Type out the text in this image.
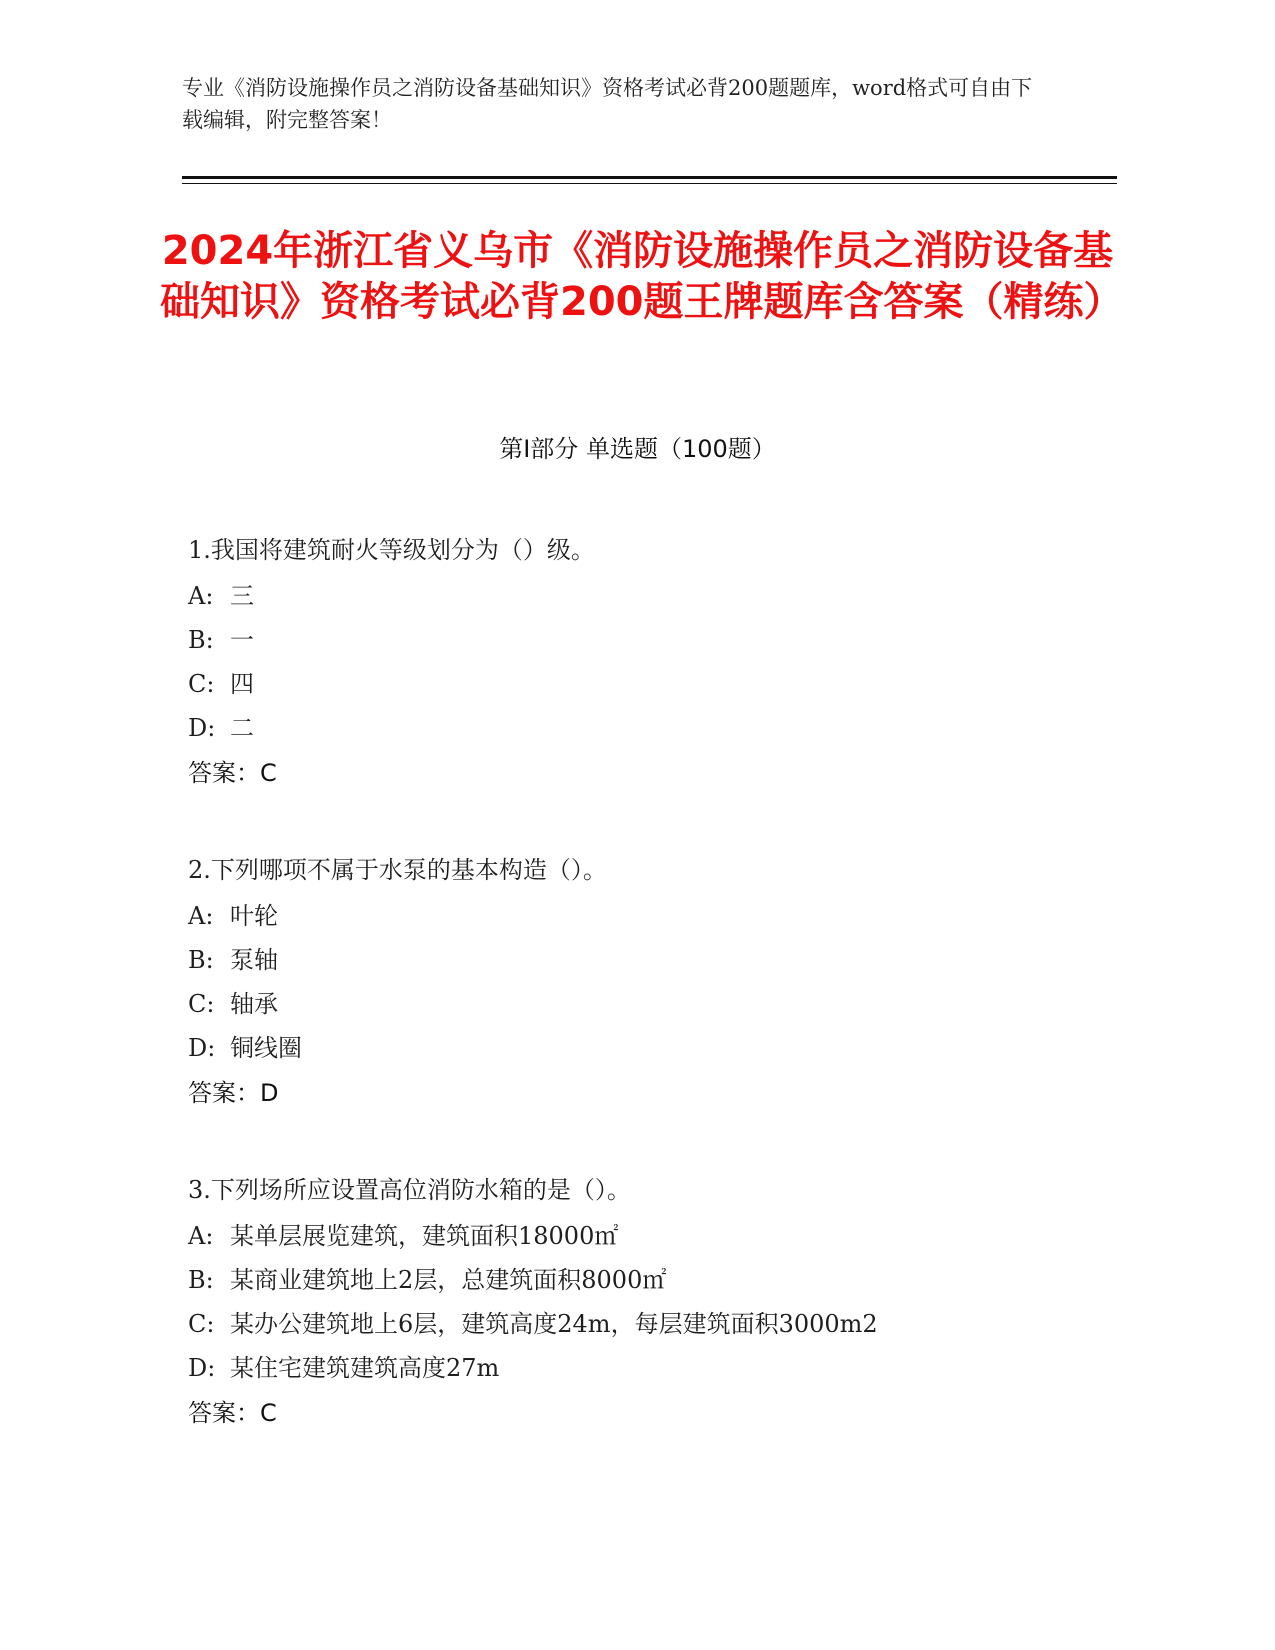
专业《消防设施操作员之消防设备基础知识》资格考试必背200题题库，word格式可自由下载编辑，附完整答案！
2024年浙江省义乌市《消防设施操作员之消防设备基础知识》资格考试必背200题王牌题库含答案（精练）
第I部分 单选题（100题）
1.我国将建筑耐火等级划分为（）级。
A: 三
B: 一
C: 四
D: 二
答案：C
2.下列哪项不属于水泵的基本构造（）。
A: 叶轮
B: 泵轴
C: 轴承
D: 铜线圈
答案：D
3.下列场所应设置高位消防水箱的是（）。
A: 某单层展览建筑，建筑面积18000㎡
B: 某商业建筑地上2层，总建筑面积8000㎡
C: 某办公建筑地上6层，建筑高度24m，每层建筑面积3000m2
D: 某住宅建筑建筑高度27m
答案：C
